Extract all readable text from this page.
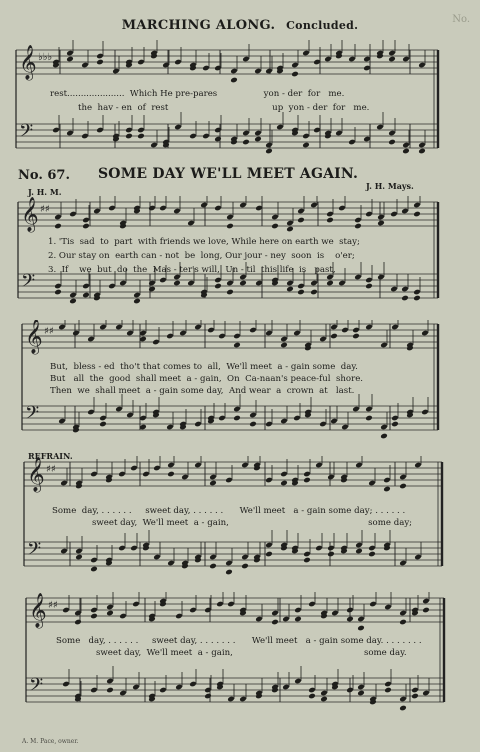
MARCHING ALONG. Concluded.	No.
𝄞
𝄢
♭♭♭
rest.....................  Which He pre-pares                 yon - der  for   me.
the  hav - en  of  rest                                      up  yon - der  for   me.
No. 67. SOME DAY WE'LL MEET AGAIN.
J. H. M.
J. H. Mays.
𝄞
𝄢
♯♯
1. 'Tis  sad  to  part  with friends we love, While here on earth we  stay;
2. Our stay on  earth can - not  be  long, Our jour - ney  soon  is    o'er;
3.  If    we  but  do  the  Mas - ter's will,  Un - til  this life  is   past,
𝄞
𝄢
♯♯
But,  bless - ed  tho't that comes to  all,  We'll meet  a - gain some  day.
But   all  the  good  shall meet  a - gain,  On  Ca-naan's peace-ful  shore.
Then  we  shall meet  a - gain some day,  And wear  a  crown  at   last.
REFRAIN.
𝄞
𝄢
♯♯
Some  day, . . . . . .     sweet day, . . . . . .      We'll meet   a - gain some day; . . . . . .
sweet day,  We'll meet  a - gain,                                                   some day;
𝄞
𝄢
♯♯
Some   day, . . . . . .     sweet day, . . . . . . .      We'll meet   a - gain some day. . . . . . . .
sweet day,  We'll meet  a - gain,                                                some day.
A. M. Pace, owner.
